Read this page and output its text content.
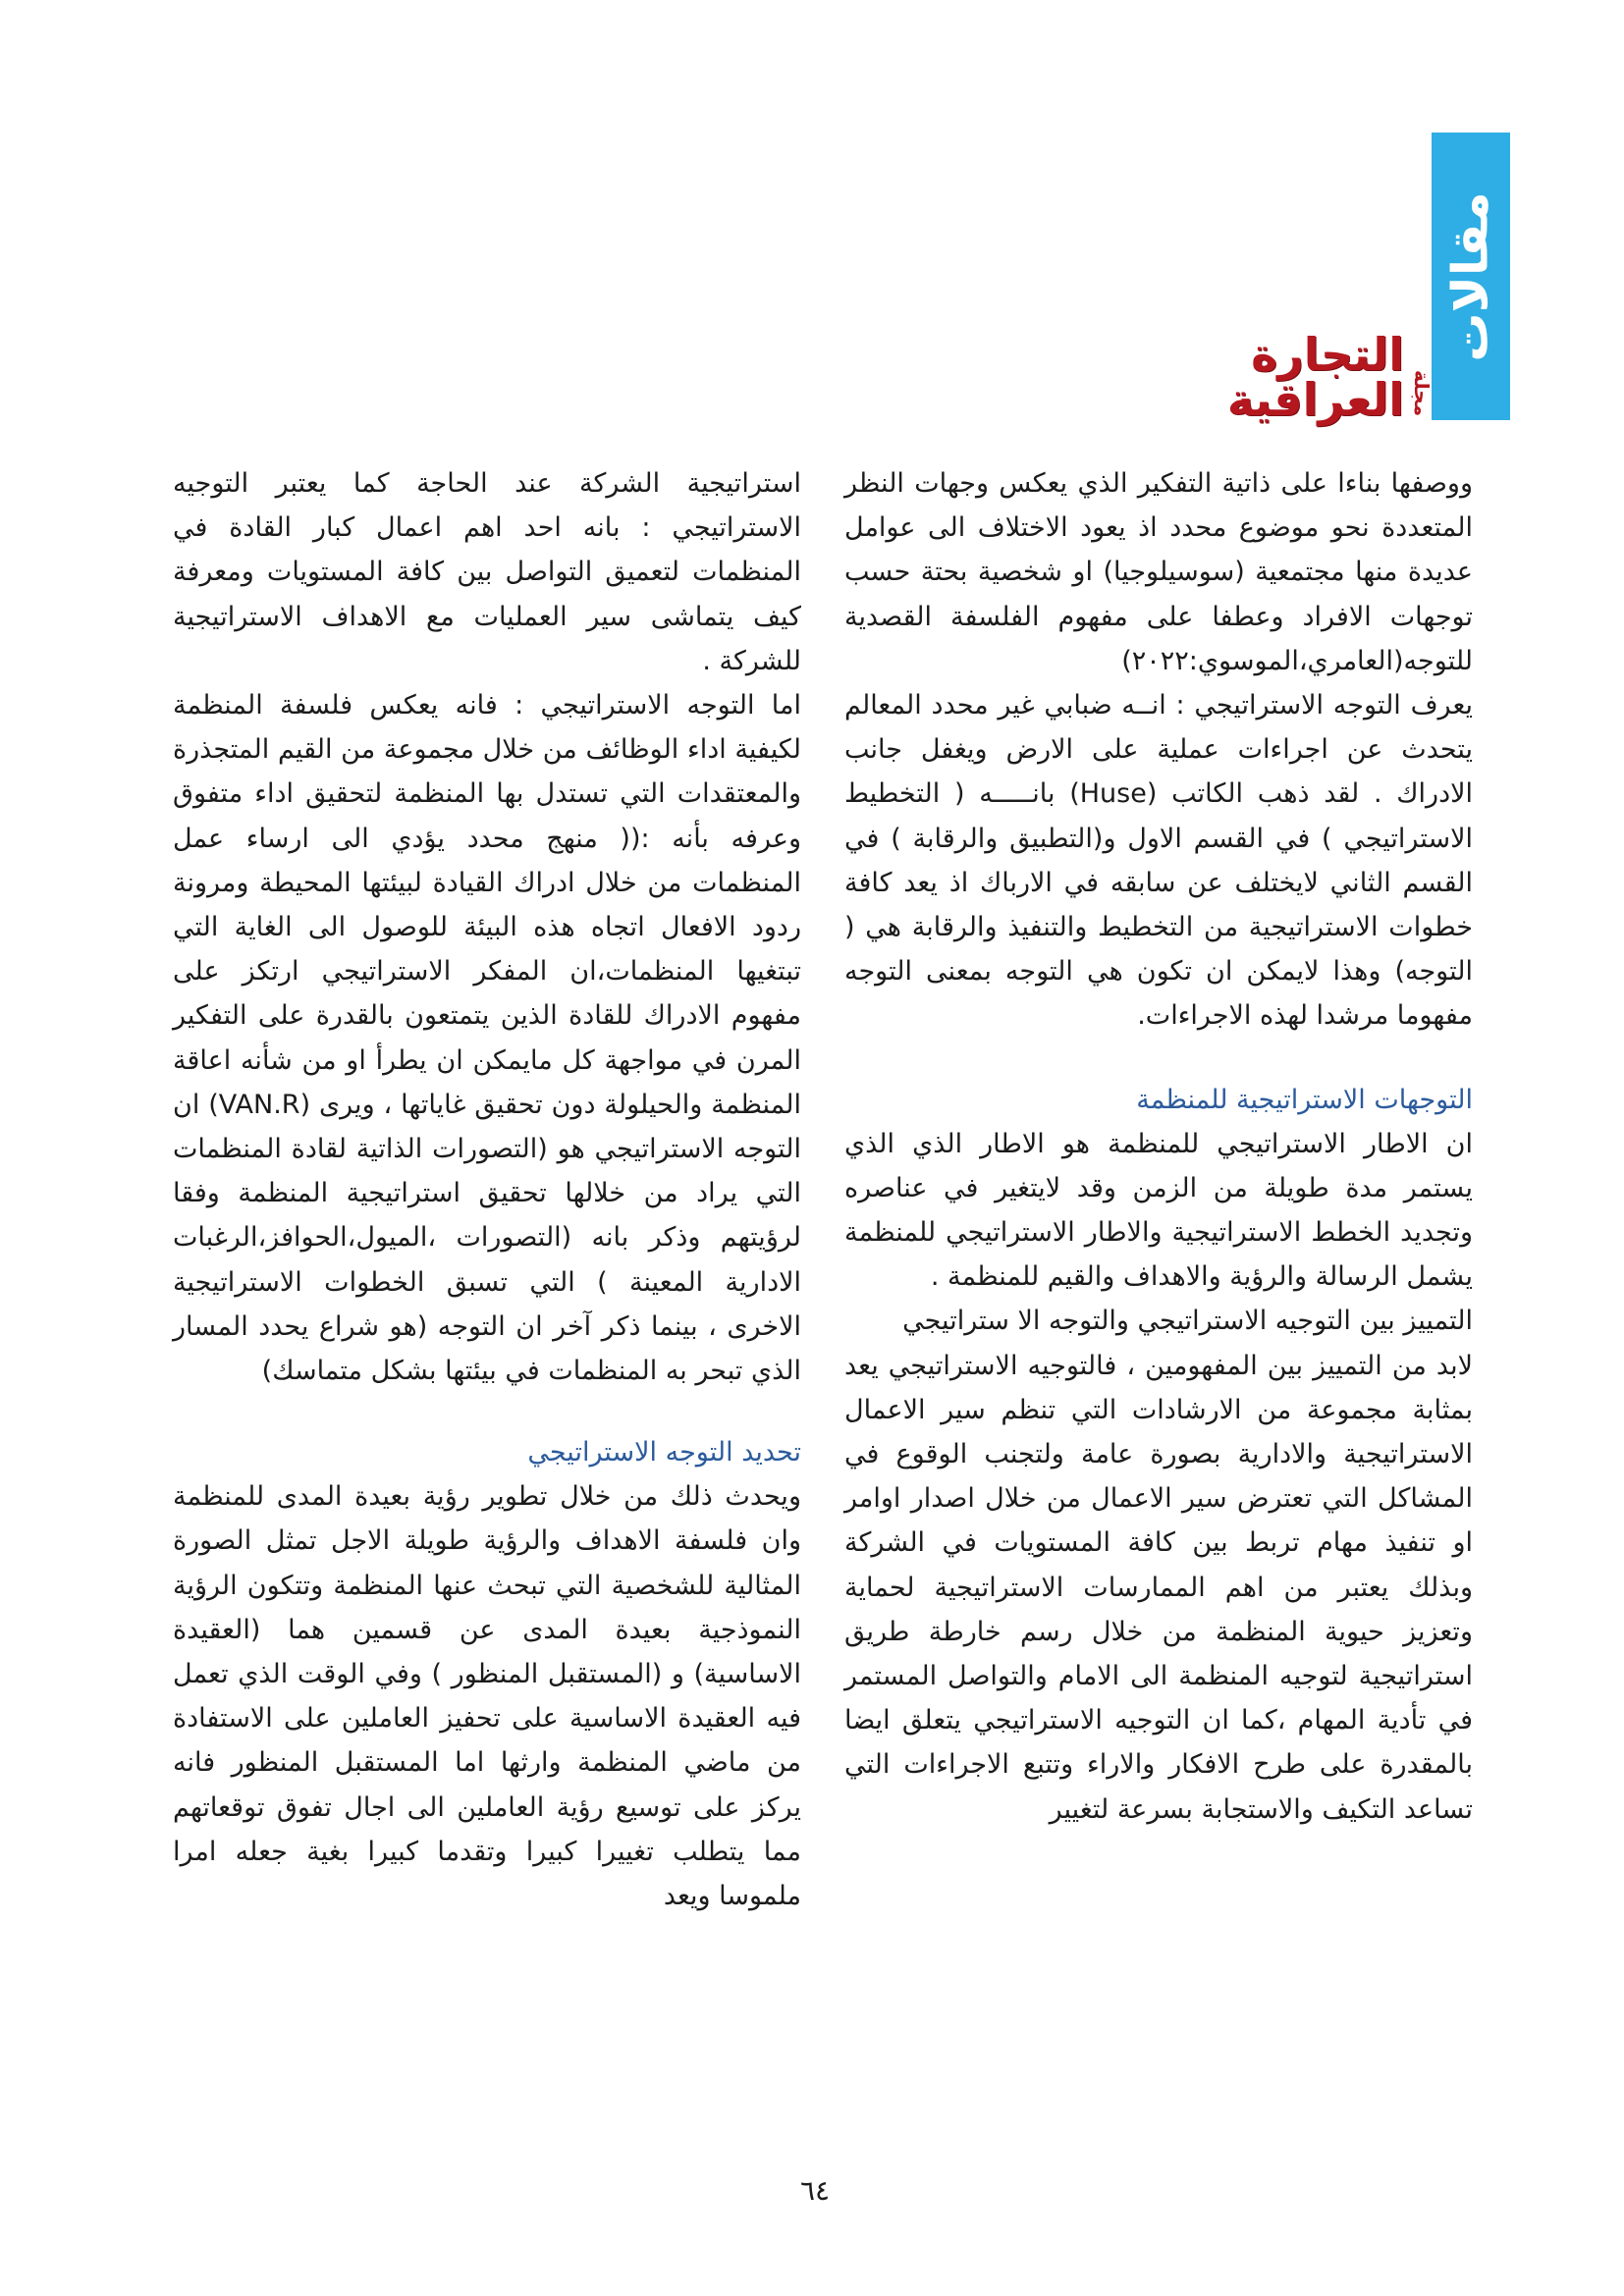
مقالات
مجلة
التجارة العراقية

ووصفها بناءا على ذاتية التفكير الذي يعكس وجهات النظر المتعددة نحو موضوع محدد اذ يعود الاختلاف الى عوامل عديدة منها مجتمعية (سوسيلوجيا) او شخصية بحتة حسب توجهات الافراد وعطفا على مفهوم الفلسفة القصدية للتوجه(العامري،الموسوي:٢٠٢٢)

يعرف التوجه الاستراتيجي : انــه ضبابي غير محدد المعالم يتحدث عن اجراءات عملية على الارض ويغفل جانب الادراك . لقد ذهب الكاتب (Huse) بانـــــه ( التخطيط الاستراتيجي ) في القسم الاول و(التطبيق والرقابة ) في القسم الثاني لايختلف عن سابقه في الارباك اذ يعد كافة خطوات الاستراتيجية من التخطيط والتنفيذ والرقابة هي ( التوجه) وهذا لايمكن ان تكون هي التوجه بمعنى التوجه مفهوما مرشدا لهذه الاجراءات.

التوجهات الاستراتيجية للمنظمة

ان الاطار الاستراتيجي للمنظمة هو الاطار الذي الذي يستمر مدة طويلة من الزمن وقد لايتغير في عناصره وتجديد الخطط الاستراتيجية والاطار الاستراتيجي للمنظمة يشمل الرسالة والرؤية والاهداف والقيم للمنظمة .

التمييز بين التوجيه الاستراتيجي والتوجه الا ستراتيجي

لابد من التمييز بين المفهومين ، فالتوجيه الاستراتيجي يعد بمثابة مجموعة من الارشادات التي تنظم سير الاعمال الاستراتيجية والادارية بصورة عامة ولتجنب الوقوع في المشاكل التي تعترض سير الاعمال من خلال اصدار اوامر او تنفيذ مهام تربط بين كافة المستويات في الشركة وبذلك يعتبر من اهم الممارسات الاستراتيجية لحماية وتعزيز حيوية المنظمة من خلال رسم خارطة طريق استراتيجية لتوجيه المنظمة الى الامام والتواصل المستمر في تأدية المهام ،كما ان التوجيه الاستراتيجي يتعلق ايضا بالمقدرة على طرح الافكار والاراء وتتبع الاجراءات التي تساعد التكيف والاستجابة بسرعة لتغيير

استراتيجية الشركة عند الحاجة كما يعتبر التوجيه الاستراتيجي : بانه احد اهم اعمال كبار القادة في المنظمات لتعميق التواصل بين كافة المستويات ومعرفة كيف يتماشى سير العمليات مع الاهداف الاستراتيجية للشركة .

اما التوجه الاستراتيجي : فانه يعكس فلسفة المنظمة لكيفية اداء الوظائف من خلال مجموعة من القيم المتجذرة والمعتقدات التي تستدل بها المنظمة لتحقيق اداء متفوق وعرفه بأنه :(( منهج محدد يؤدي الى ارساء عمل المنظمات من خلال ادراك القيادة لبيئتها المحيطة ومرونة ردود الافعال اتجاه هذه البيئة للوصول الى الغاية التي تبتغيها المنظمات،ان المفكر الاستراتيجي ارتكز على مفهوم الادراك للقادة الذين يتمتعون بالقدرة على التفكير المرن في مواجهة كل مايمكن ان يطرأ او من شأنه اعاقة المنظمة والحيلولة دون تحقيق غاياتها ، ويرى (VAN.R) ان التوجه الاستراتيجي هو (التصورات الذاتية لقادة المنظمات التي يراد من خلالها تحقيق استراتيجية المنظمة وفقا لرؤيتهم وذكر بانه (التصورات ،الميول،الحوافز،الرغبات الادارية المعينة ) التي تسبق الخطوات الاستراتيجية الاخرى ، بينما ذكر آخر ان التوجه (هو شراع يحدد المسار الذي تبحر به المنظمات في بيئتها بشكل متماسك)

تحديد التوجه الاستراتيجي

ويحدث ذلك من خلال تطوير رؤية بعيدة المدى للمنظمة وان فلسفة الاهداف والرؤية طويلة الاجل تمثل الصورة المثالية للشخصية التي تبحث عنها المنظمة وتتكون الرؤية النموذجية بعيدة المدى عن قسمين هما (العقيدة الاساسية) و (المستقبل المنظور ) وفي الوقت الذي تعمل فيه العقيدة الاساسية على تحفيز العاملين على الاستفادة من ماضي المنظمة وارثها اما المستقبل المنظور فانه يركز على توسيع رؤية العاملين الى اجال تفوق توقعاتهم مما يتطلب تغييرا كبيرا وتقدما كبيرا بغية جعله امرا ملموسا ويعد

٦٤
